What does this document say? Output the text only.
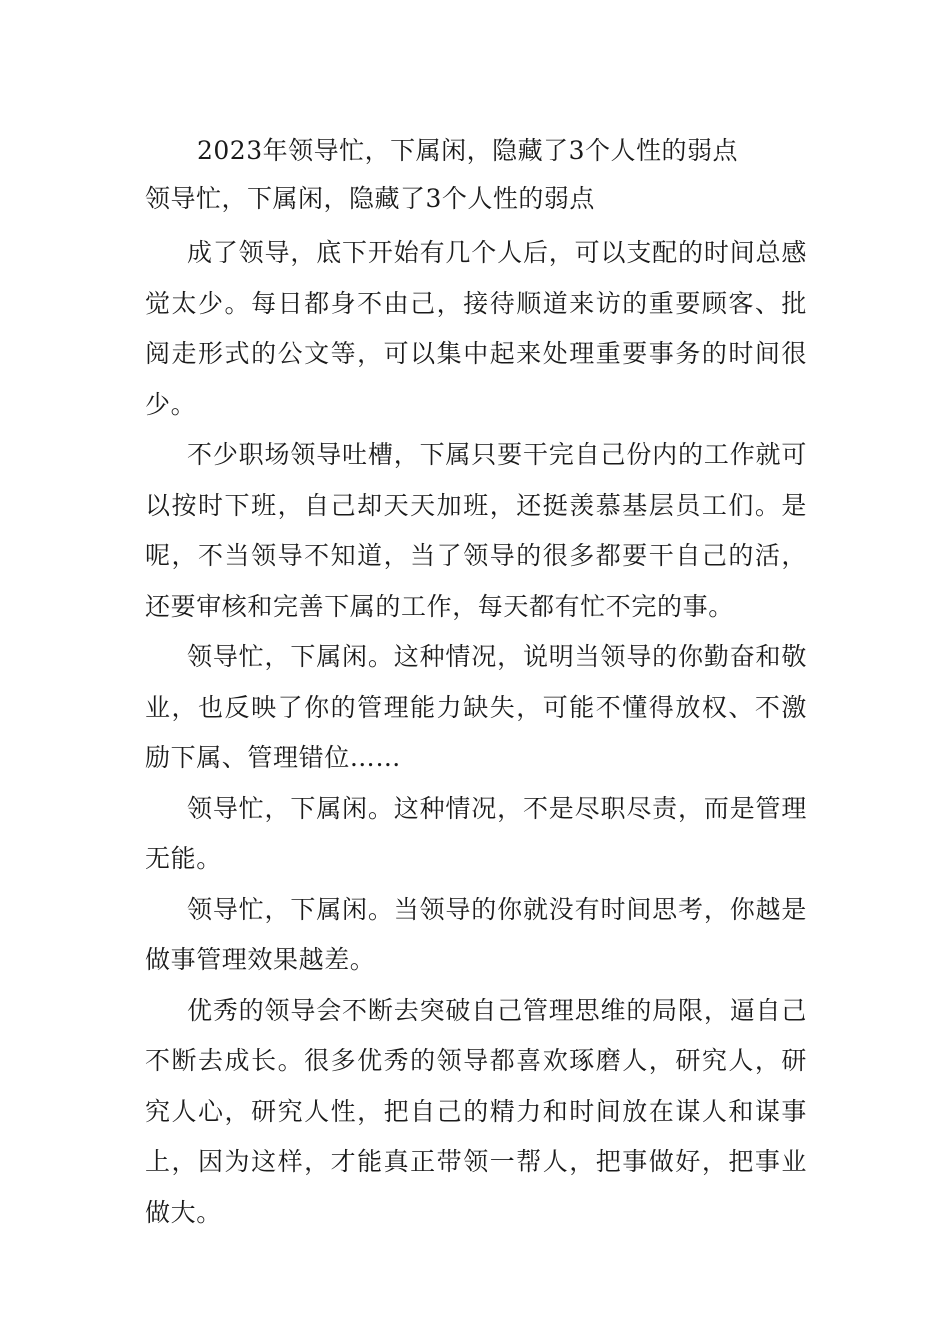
2023年领导忙，下属闲，隐藏了3个人性的弱点
领导忙，下属闲，隐藏了3个人性的弱点

成了领导，底下开始有几个人后，可以支配的时间总感觉太少。每日都身不由己，接待顺道来访的重要顾客、批阅走形式的公文等，可以集中起来处理重要事务的时间很少。

不少职场领导吐槽，下属只要干完自己份内的工作就可以按时下班，自己却天天加班，还挺羡慕基层员工们。是呢，不当领导不知道，当了领导的很多都要干自己的活，还要审核和完善下属的工作，每天都有忙不完的事。

领导忙，下属闲。这种情况，说明当领导的你勤奋和敬业，也反映了你的管理能力缺失，可能不懂得放权、不激励下属、管理错位……

领导忙，下属闲。这种情况，不是尽职尽责，而是管理无能。

领导忙，下属闲。当领导的你就没有时间思考，你越是做事管理效果越差。

优秀的领导会不断去突破自己管理思维的局限，逼自己不断去成长。很多优秀的领导都喜欢琢磨人，研究人，研究人心，研究人性，把自己的精力和时间放在谋人和谋事上，因为这样，才能真正带领一帮人，把事做好，把事业做大。
